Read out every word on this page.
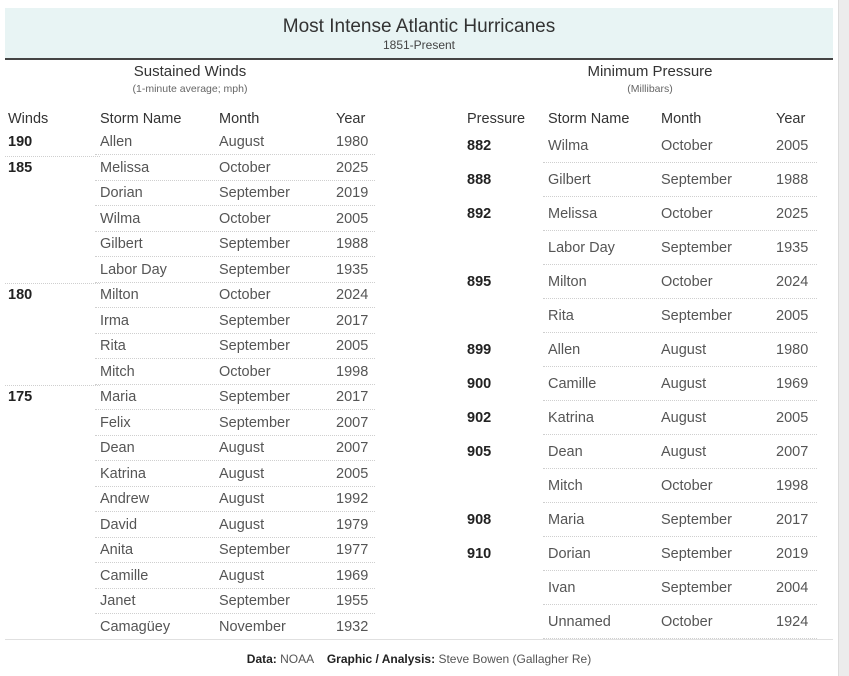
Most Intense Atlantic Hurricanes
1851-Present
Sustained Winds
(1-minute average; mph)
Winds	Storm Name	Month	Year
190	Allen	August	1980
185	Melissa	October	2025
Dorian	September	2019
Wilma	October	2005
Gilbert	September	1988
Labor Day	September	1935
180	Milton	October	2024
Irma	September	2017
Rita	September	2005
Mitch	October	1998
175	Maria	September	2017
Felix	September	2007
Dean	August	2007
Katrina	August	2005
Andrew	August	1992
David	August	1979
Anita	September	1977
Camille	August	1969
Janet	September	1955
Camagüey	November	1932
Minimum Pressure
(Millibars)
Pressure Storm Name Month	Year
882	Wilma	October	2005
888	Gilbert	September	1988
892	Melissa	October	2025
Labor Day	September	1935
895	Milton	October	2024
Rita	September	2005
899	Allen	August	1980
900	Camille	August	1969
902	Katrina	August	2005
905	Dean	August	2007
Mitch	October	1998
908	Maria	September	2017
910	Dorian	September	2019
Ivan	September	2004
Unnamed	October	1924
Data: NOAA Graphic / Analysis: Steve Bowen (Gallagher Re)
